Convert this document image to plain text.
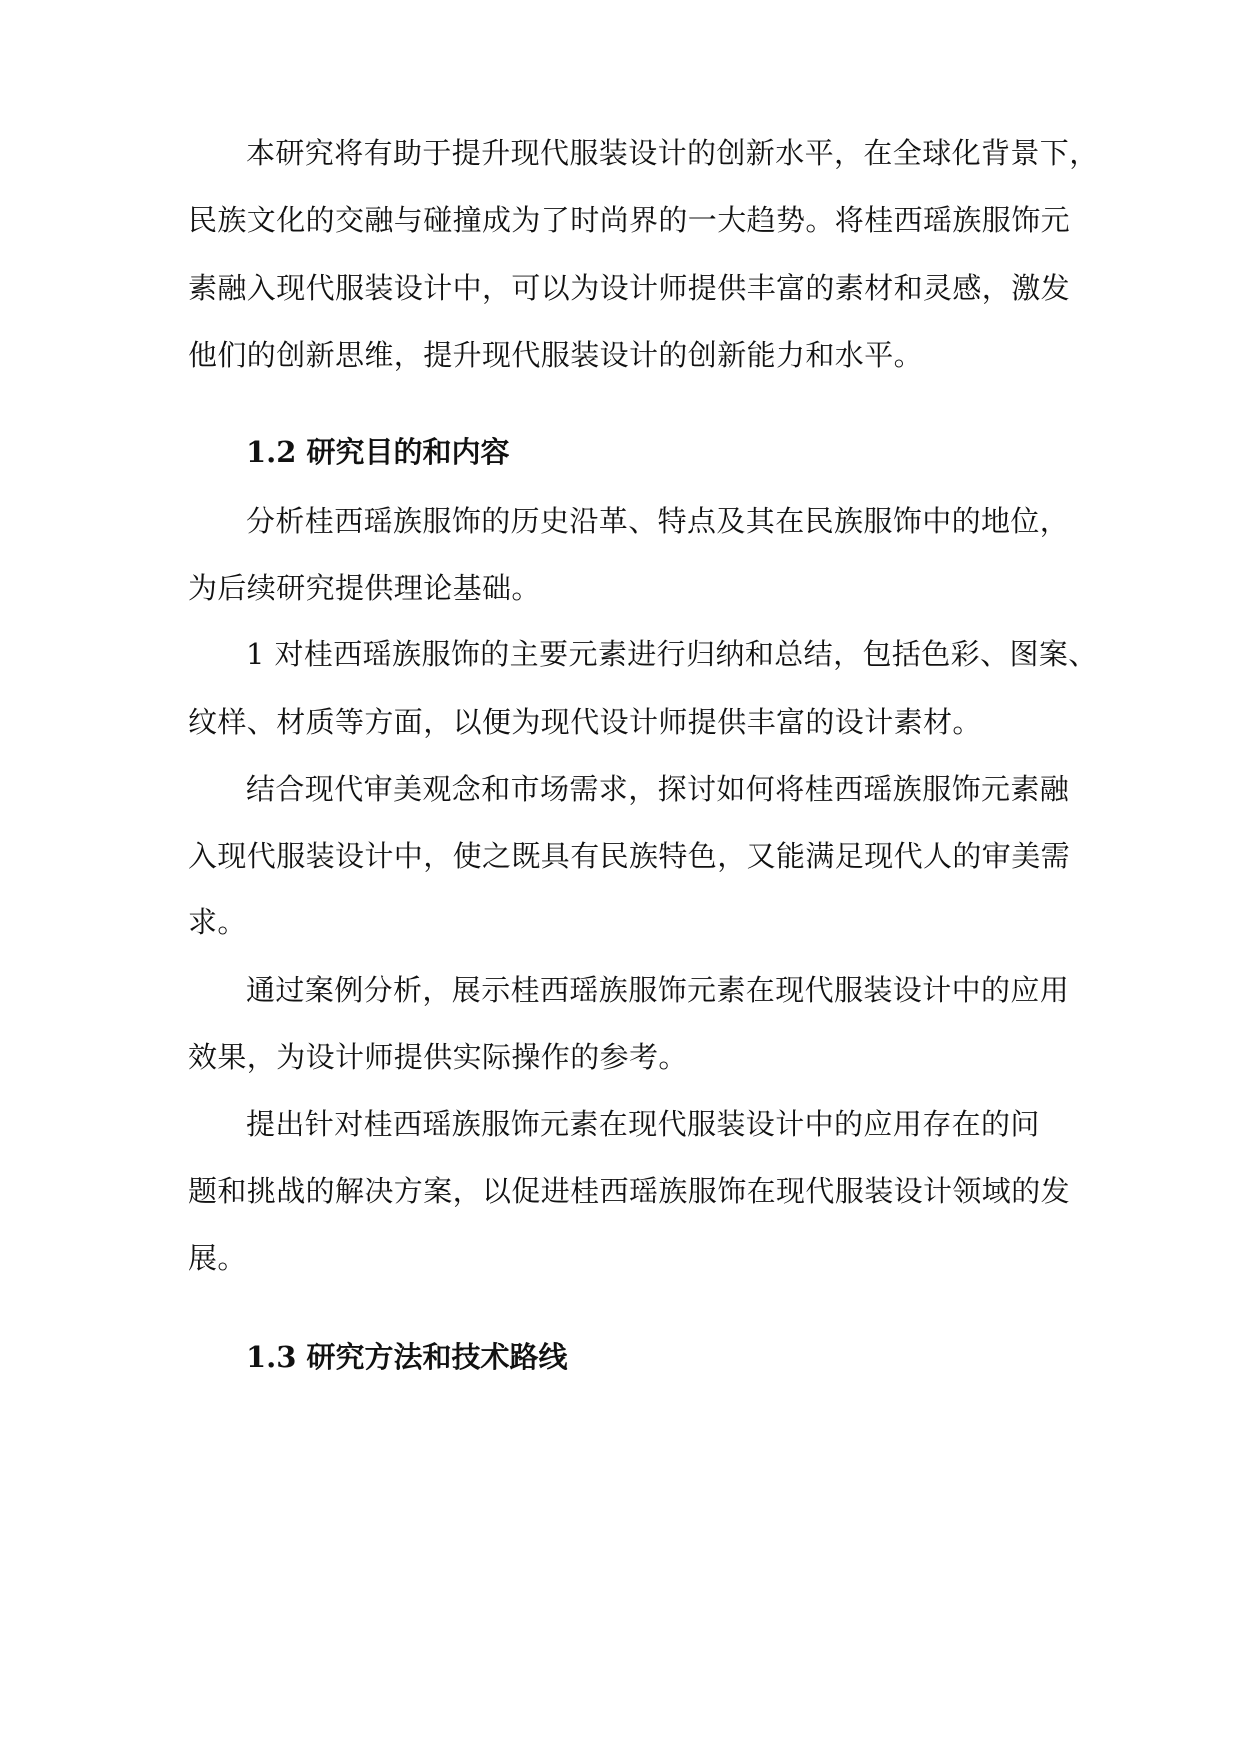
本研究将有助于提升现代服装设计的创新水平，在全球化背景下，
民族文化的交融与碰撞成为了时尚界的一大趋势。将桂西瑶族服饰元
素融入现代服装设计中，可以为设计师提供丰富的素材和灵感，激发
他们的创新思维，提升现代服装设计的创新能力和水平。
1.2 研究目的和内容
分析桂西瑶族服饰的历史沿革、特点及其在民族服饰中的地位，
为后续研究提供理论基础。
1 对桂西瑶族服饰的主要元素进行归纳和总结，包括色彩、图案、
纹样、材质等方面，以便为现代设计师提供丰富的设计素材。
结合现代审美观念和市场需求，探讨如何将桂西瑶族服饰元素融
入现代服装设计中，使之既具有民族特色，又能满足现代人的审美需
求。
通过案例分析，展示桂西瑶族服饰元素在现代服装设计中的应用
效果，为设计师提供实际操作的参考。
提出针对桂西瑶族服饰元素在现代服装设计中的应用存在的问
题和挑战的解决方案，以促进桂西瑶族服饰在现代服装设计领域的发
展。
1.3 研究方法和技术路线
